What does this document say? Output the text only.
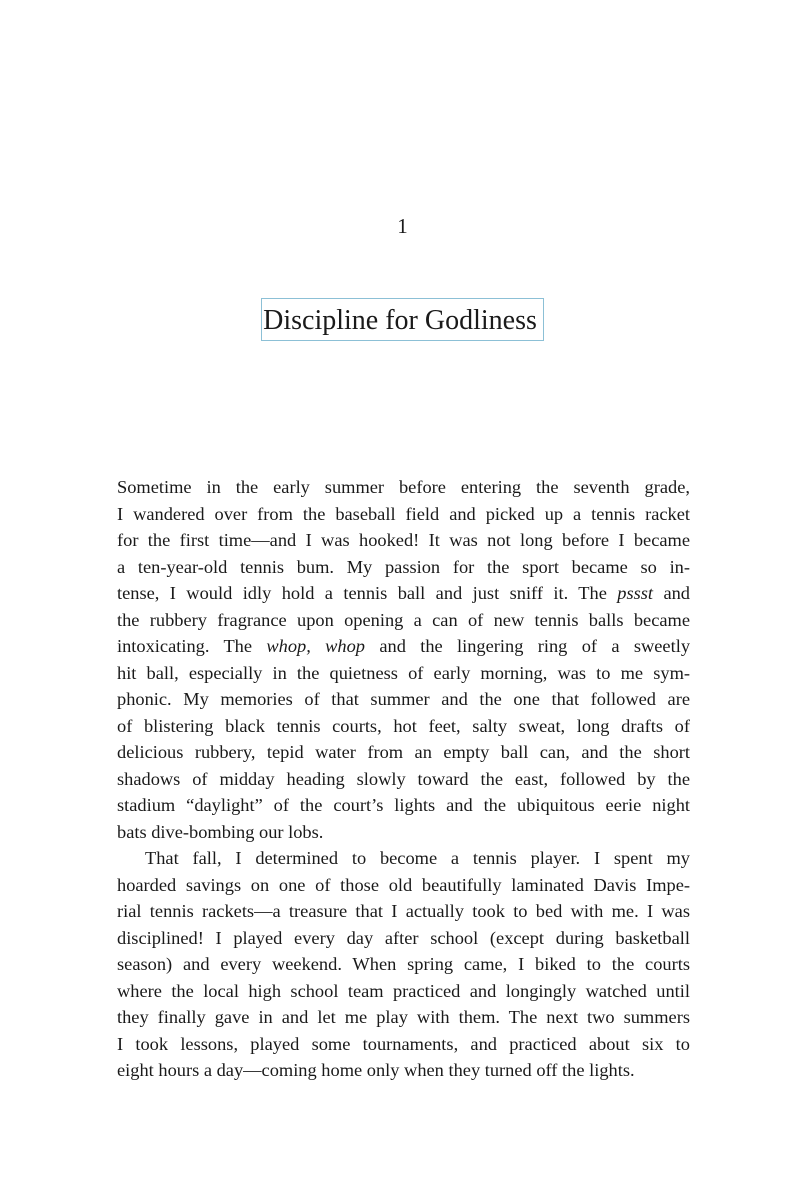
1
Discipline for Godliness

Sometime in the early summer before entering the seventh grade,
I wandered over from the baseball field and picked up a tennis racket
for the first time—and I was hooked! It was not long before I became
a ten-year-old tennis bum. My passion for the sport became so in-
tense, I would idly hold a tennis ball and just sniff it. The pssst and
the rubbery fragrance upon opening a can of new tennis balls became
intoxicating. The whop, whop and the lingering ring of a sweetly
hit ball, especially in the quietness of early morning, was to me sym-
phonic. My memories of that summer and the one that followed are
of blistering black tennis courts, hot feet, salty sweat, long drafts of
delicious rubbery, tepid water from an empty ball can, and the short
shadows of midday heading slowly toward the east, followed by the
stadium “daylight” of the court’s lights and the ubiquitous eerie night
bats dive-bombing our lobs.

That fall, I determined to become a tennis player. I spent my
hoarded savings on one of those old beautifully laminated Davis Impe-
rial tennis rackets—a treasure that I actually took to bed with me. I was
disciplined! I played every day after school (except during basketball
season) and every weekend. When spring came, I biked to the courts
where the local high school team practiced and longingly watched until
they finally gave in and let me play with them. The next two summers
I took lessons, played some tournaments, and practiced about six to
eight hours a day—coming home only when they turned off the lights.
